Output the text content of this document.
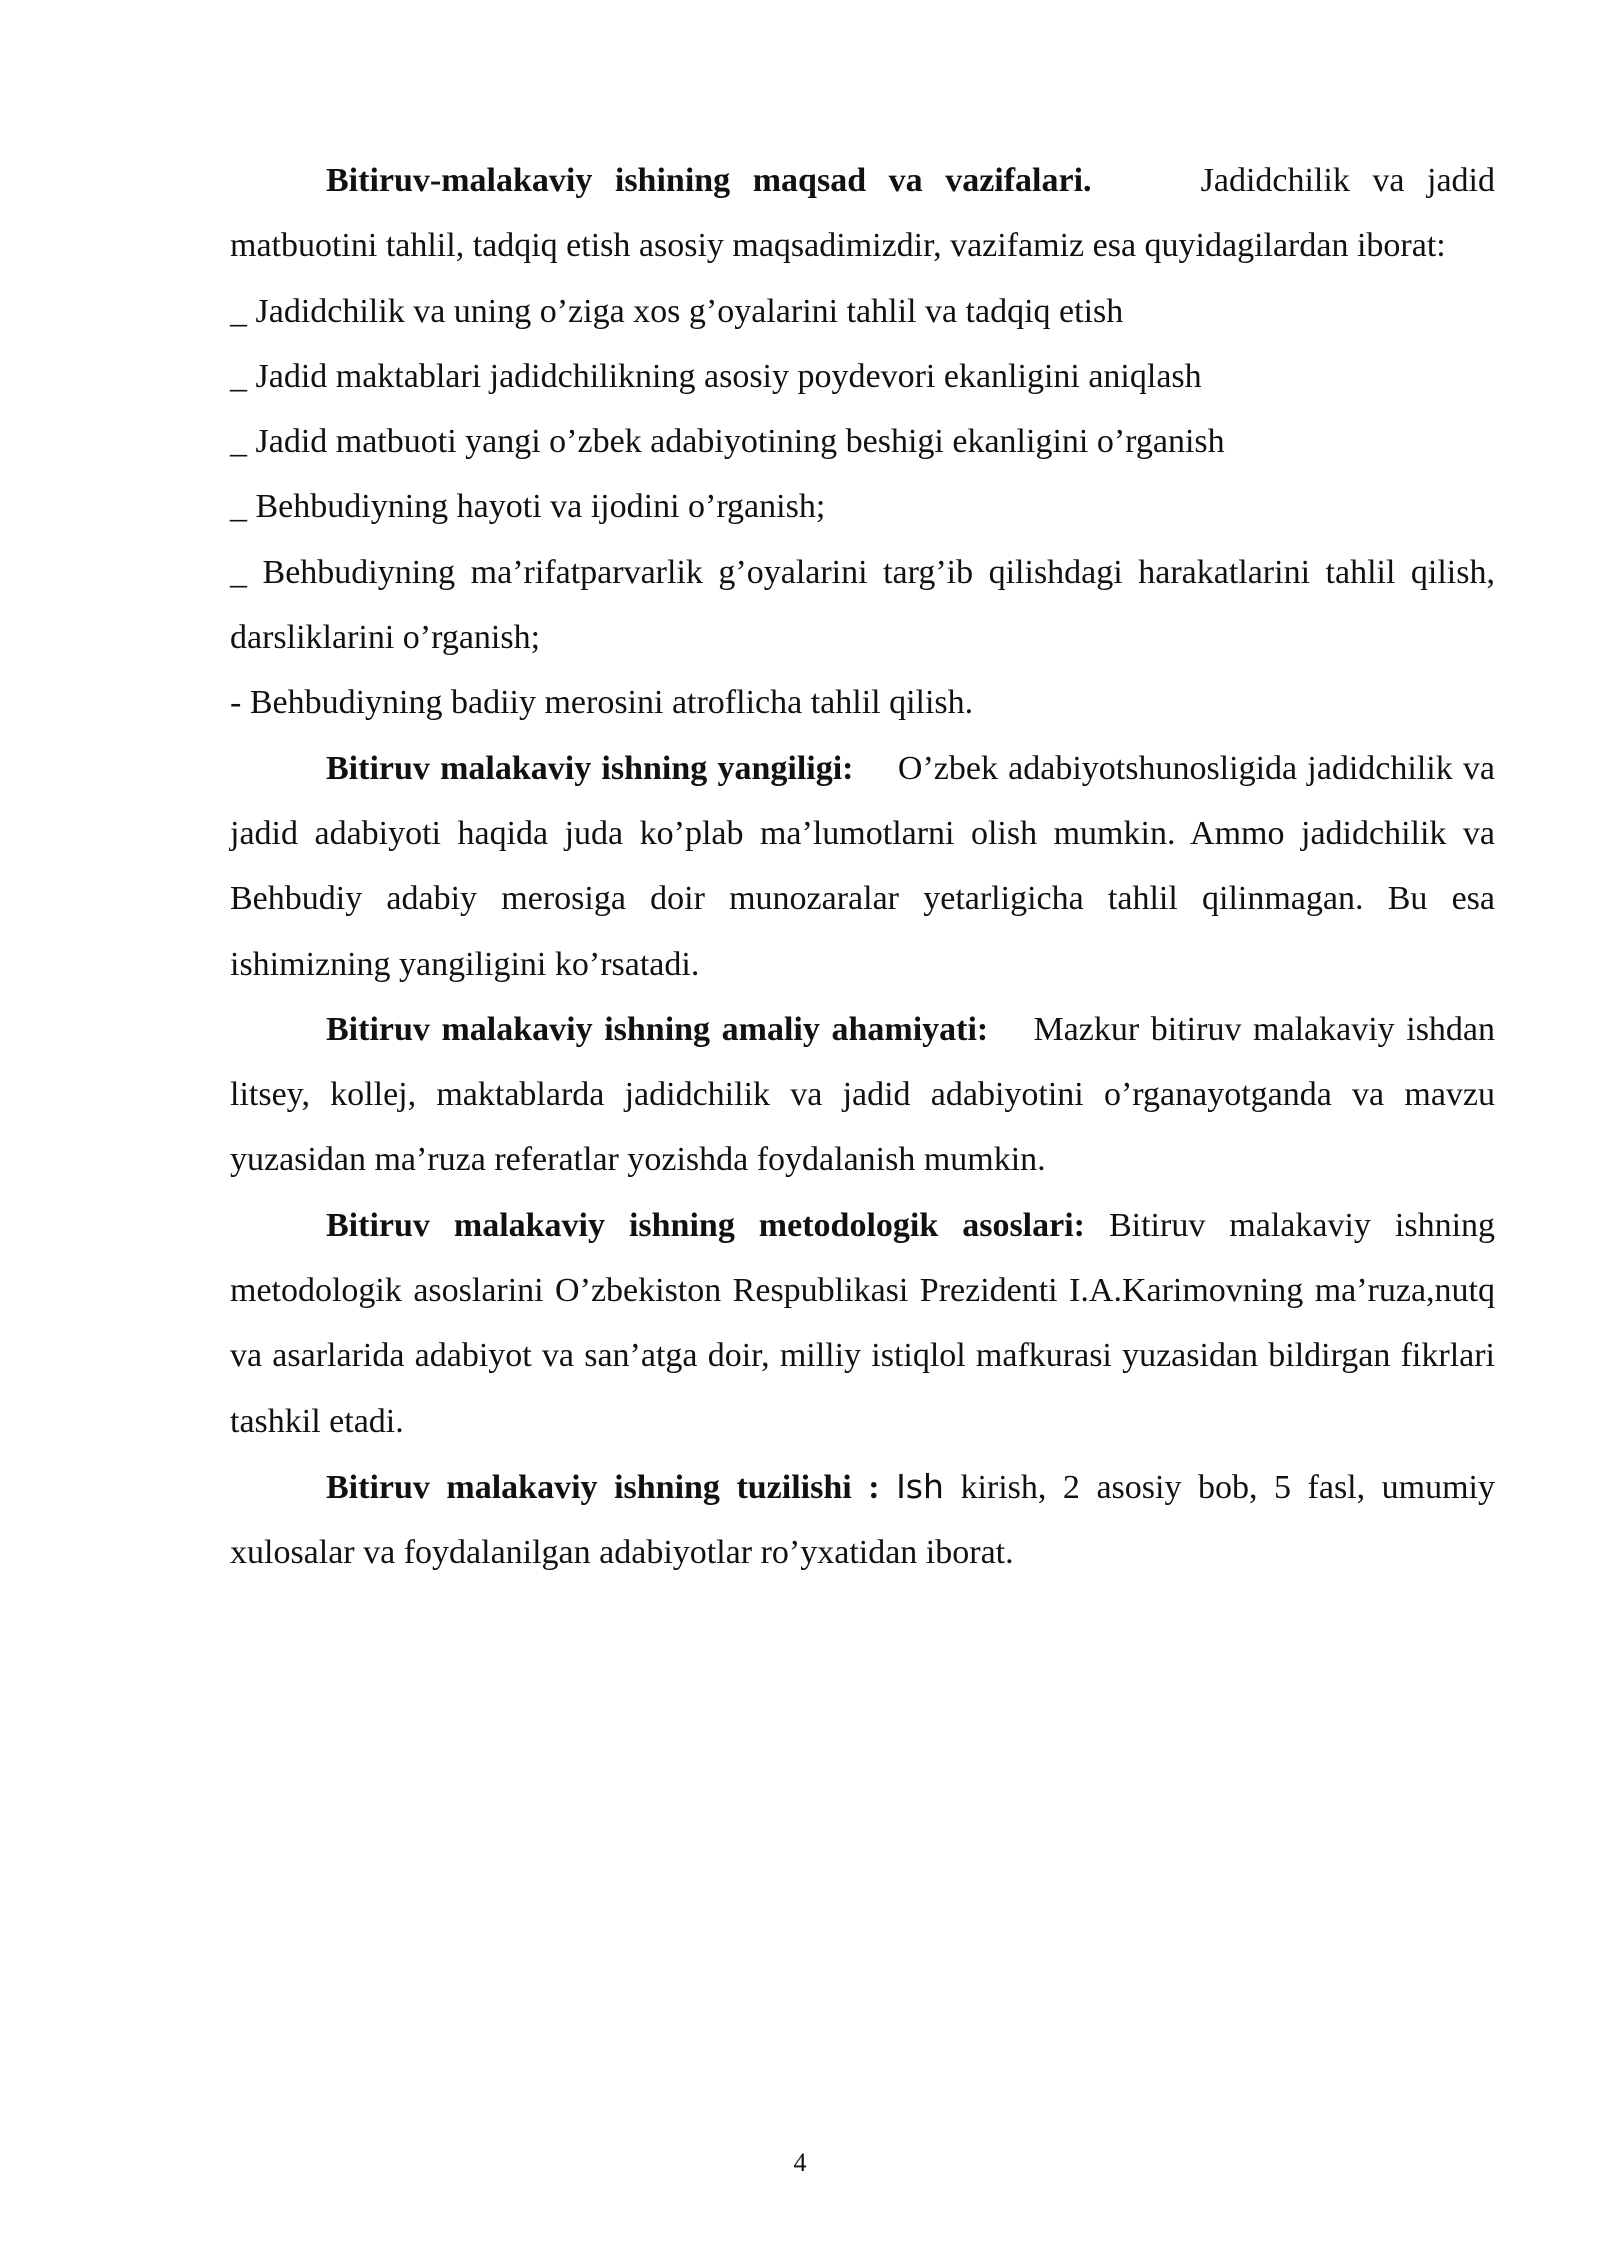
Bitiruv-malakaviy ishining maqsad va vazifalari.	Jadidchilik va jadid matbuotini tahlil, tadqiq etish asosiy maqsadimizdir, vazifamiz esa quyidagilardan iborat:

_ Jadidchilik va uning o’ziga xos g’oyalarini tahlil va tadqiq etish

_ Jadid maktablari jadidchilikning asosiy poydevori ekanligini aniqlash

_ Jadid matbuoti yangi o’zbek adabiyotining beshigi ekanligini o’rganish

_ Behbudiyning hayoti va ijodini o’rganish;

_ Behbudiyning ma’rifatparvarlik g’oyalarini targ’ib qilishdagi harakatlarini tahlil qilish, darsliklarini o’rganish;

- Behbudiyning badiiy merosini atroflicha tahlil qilish.

Bitiruv malakaviy ishning yangiligi: O’zbek adabiyotshunosligida jadidchilik va jadid adabiyoti haqida juda ko’plab ma’lumotlarni olish mumkin. Ammo jadidchilik va Behbudiy adabiy merosiga doir munozaralar yetarligicha tahlil qilinmagan. Bu esa ishimizning yangiligini ko’rsatadi.

Bitiruv malakaviy ishning amaliy ahamiyati: Mazkur bitiruv malakaviy ishdan litsey, kollej, maktablarda jadidchilik va jadid adabiyotini o’rganayotganda va mavzu yuzasidan ma’ruza referatlar yozishda foydalanish mumkin.

Bitiruv malakaviy ishning metodologik asoslari: Bitiruv malakaviy ishning metodologik asoslarini O’zbekiston Respublikasi Prezidenti I.A.Karimovning ma’ruza,nutq va asarlarida adabiyot va san’atga doir, milliy istiqlol mafkurasi yuzasidan bildirgan fikrlari tashkil etadi.

Bitiruv malakaviy ishning tuzilishi : Ish kirish, 2 asosiy bob, 5 fasl, umumiy xulosalar va foydalanilgan adabiyotlar ro’yxatidan iborat.

4
